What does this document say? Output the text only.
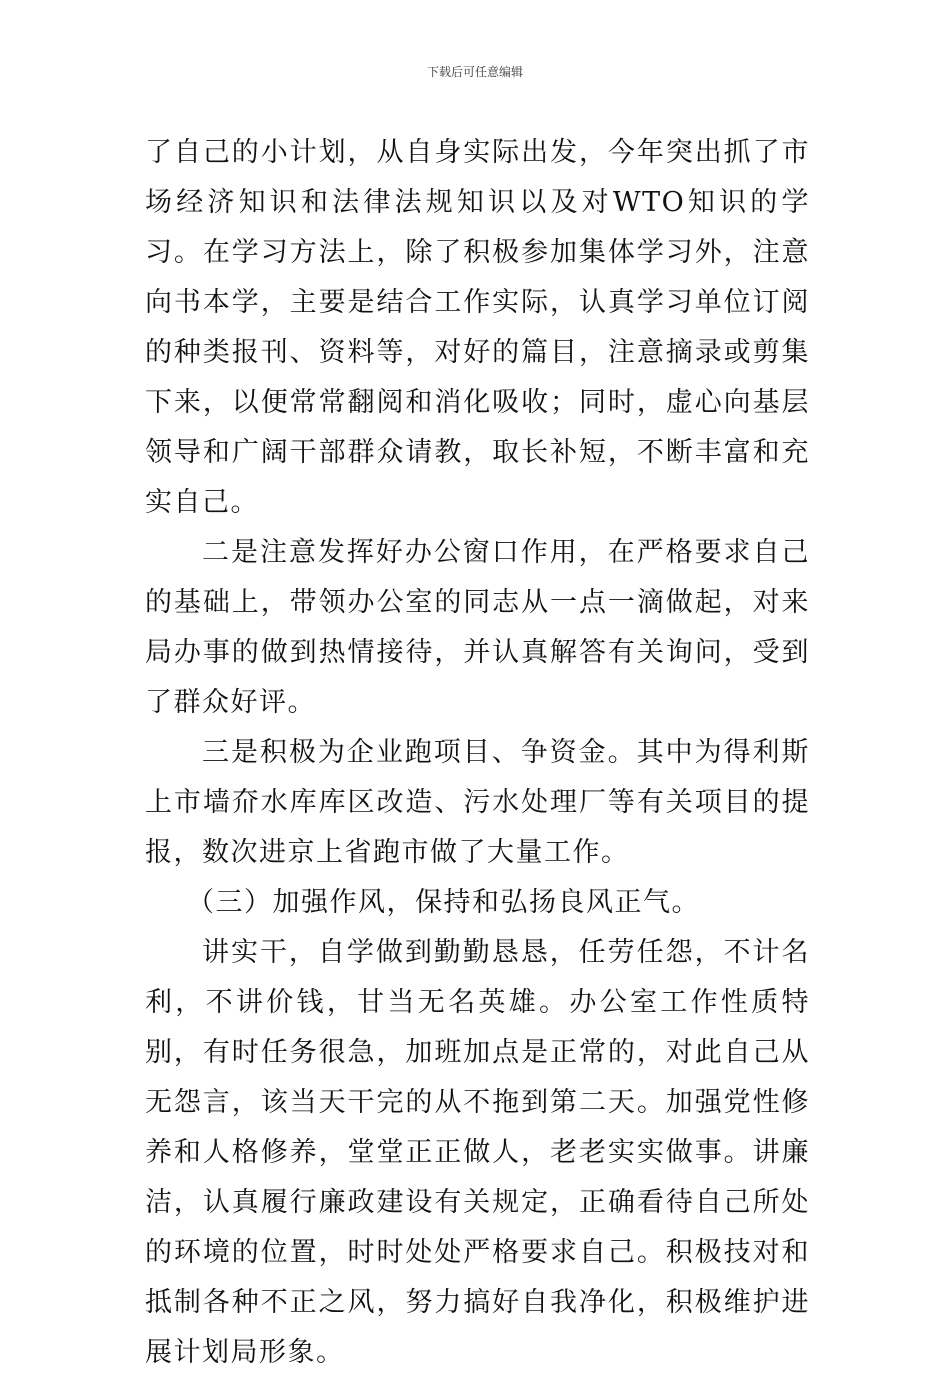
下载后可任意编辑

了自己的小计划，从自身实际出发，今年突出抓了市场经济知识和法律法规知识以及对WTO知识的学习。在学习方法上，除了积极参加集体学习外，注意向书本学，主要是结合工作实际，认真学习单位订阅的种类报刊、资料等，对好的篇目，注意摘录或剪集下来，以便常常翻阅和消化吸收；同时，虚心向基层领导和广阔干部群众请教，取长补短，不断丰富和充实自己。

二是注意发挥好办公窗口作用，在严格要求自己的基础上，带领办公室的同志从一点一滴做起，对来局办事的做到热情接待，并认真解答有关询问，受到了群众好评。

三是积极为企业跑项目、争资金。其中为得利斯上市墙夼水库库区改造、污水处理厂等有关项目的提报，数次进京上省跑市做了大量工作。

（三）加强作风，保持和弘扬良风正气。

讲实干，自学做到勤勤恳恳，任劳任怨，不计名利，不讲价钱，甘当无名英雄。办公室工作性质特别，有时任务很急，加班加点是正常的，对此自己从无怨言，该当天干完的从不拖到第二天。加强党性修养和人格修养，堂堂正正做人，老老实实做事。讲廉洁，认真履行廉政建设有关规定，正确看待自己所处的环境的位置，时时处处严格要求自己。积极技对和抵制各种不正之风，努力搞好自我净化，积极维护进展计划局形象。
